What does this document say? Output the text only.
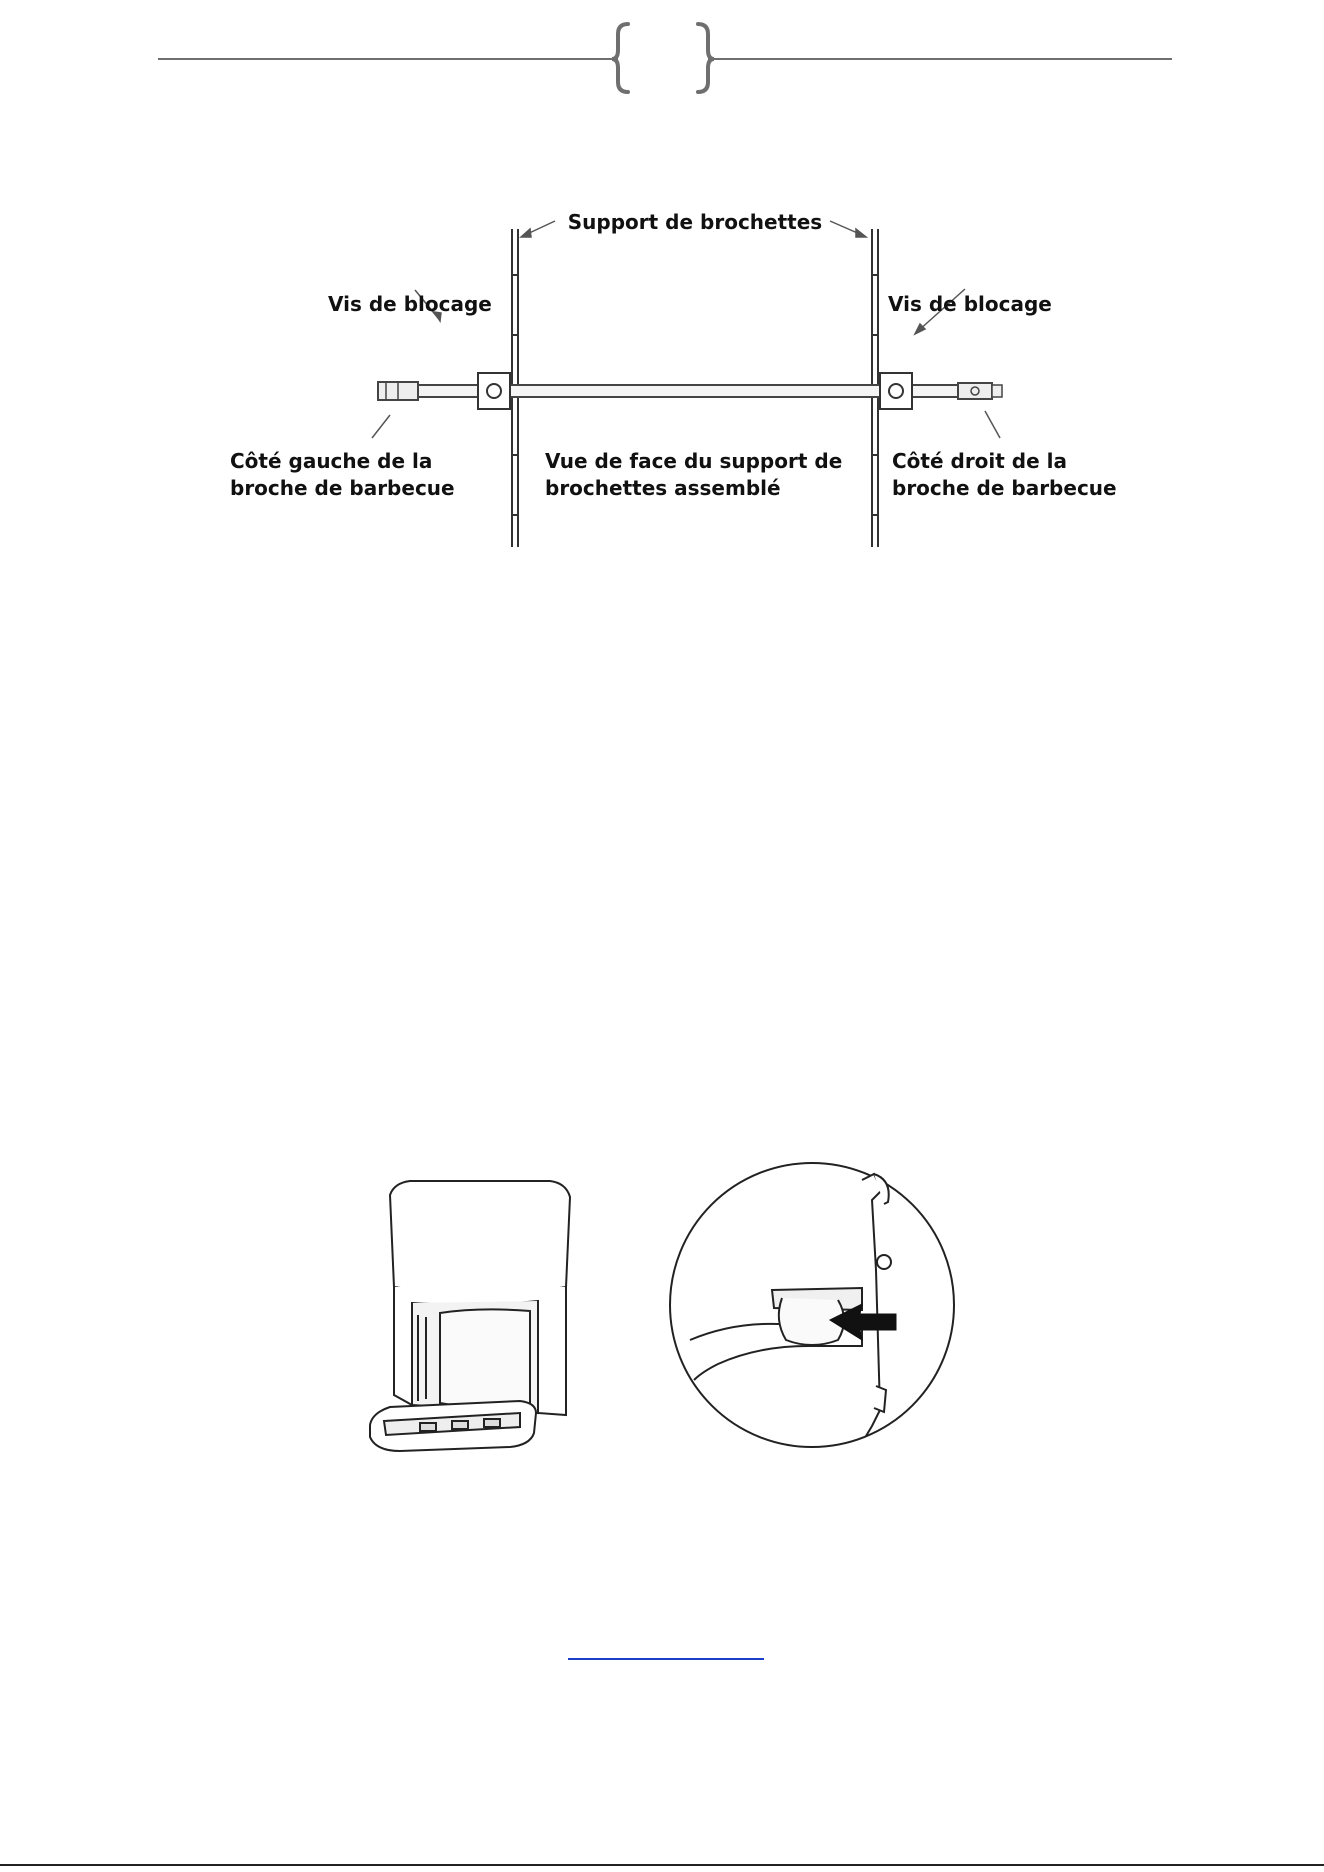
Support de brochettes
Vis de blocage	Vis de blocage
Côté gauche de la
broche de barbecue
Vue de face du support de
brochettes assemblé
Côté droit de la
broche de barbecue
